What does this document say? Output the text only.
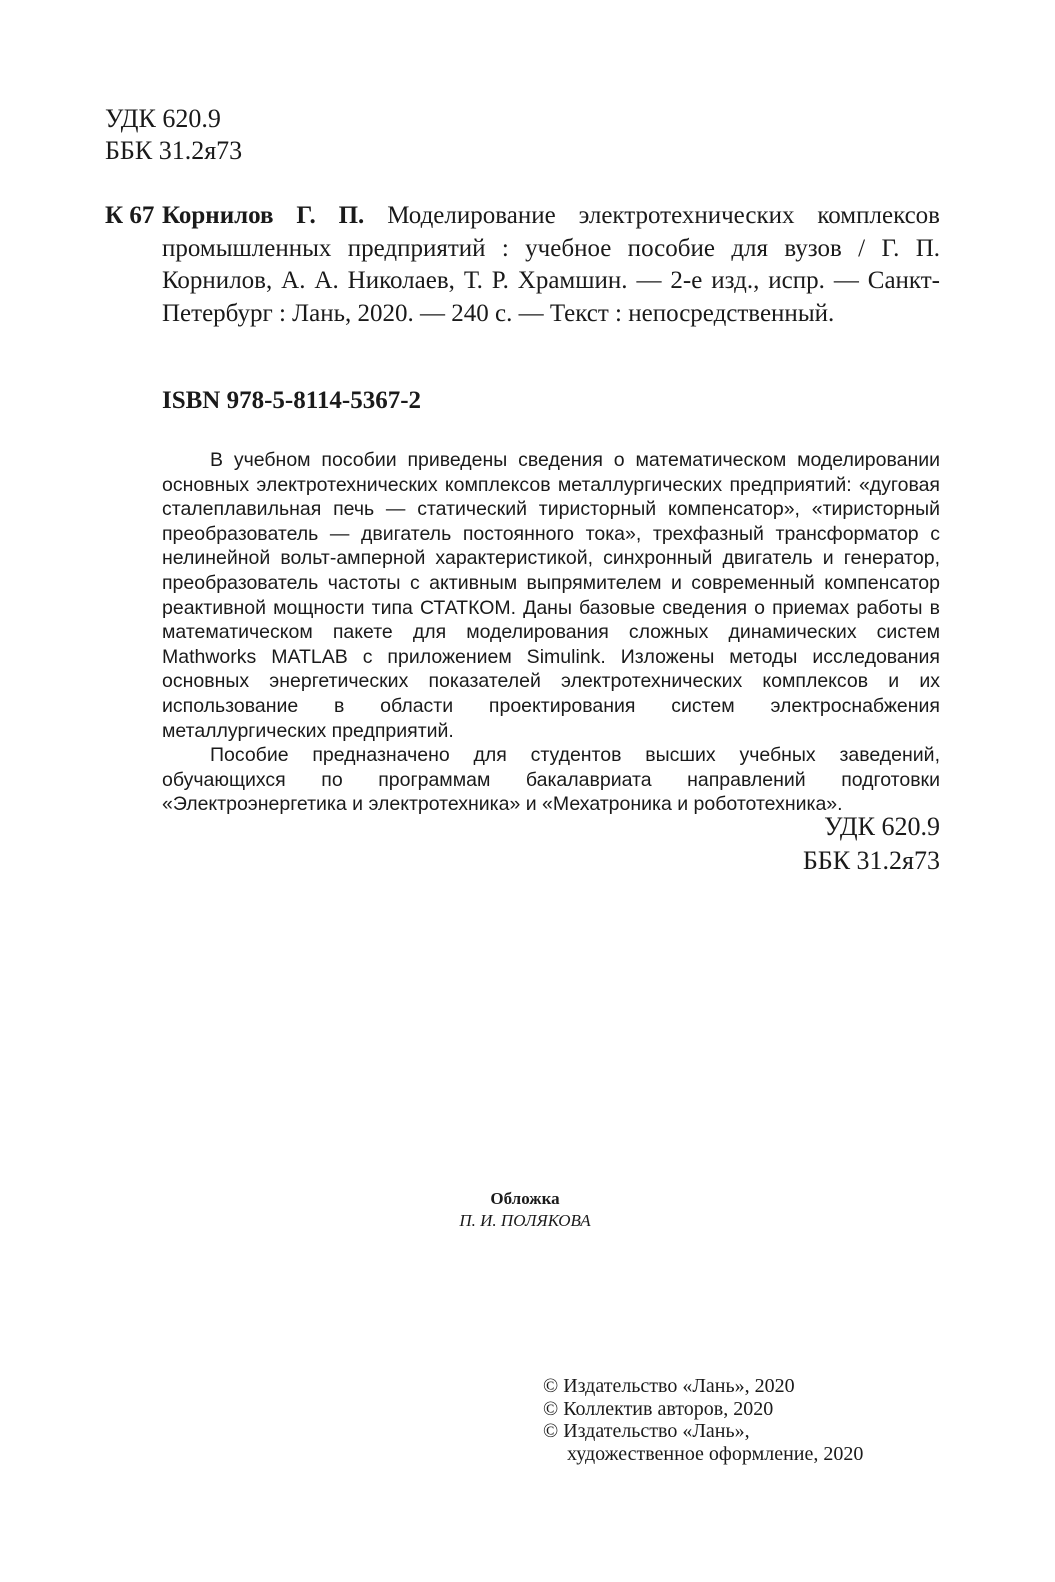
УДК 620.9
ББК 31.2я73
К 67 Корнилов Г. П. Моделирование электротехнических комплексов промышленных предприятий : учебное пособие для вузов / Г. П. Корнилов, А. А. Николаев, Т. Р. Храмшин. — 2-е изд., испр. — Санкт-Петербург : Лань, 2020. — 240 с. — Текст : непосредственный.
ISBN 978-5-8114-5367-2

В учебном пособии приведены сведения о математическом моделировании основных электротехнических комплексов металлургических предприятий: «дуговая сталеплавильная печь — статический тиристорный компенсатор», «тиристорный преобразователь — двигатель постоянного тока», трехфазный трансформатор с нелинейной вольт-амперной характеристикой, синхронный двигатель и генератор, преобразователь частоты с активным выпрямителем и современный компенсатор реактивной мощности типа СТАТКОМ. Даны базовые сведения о приемах работы в математическом пакете для моделирования сложных динамических систем Mathworks MATLAB с приложением Simulink. Изложены методы исследования основных энергетических показателей электротехнических комплексов и их использование в области проектирования систем электроснабжения металлургических предприятий.

Пособие предназначено для студентов высших учебных заведений, обучающихся по программам бакалавриата направлений подготовки «Электроэнергетика и электротехника» и «Мехатроника и робототехника».

УДК 620.9
ББК 31.2я73
Обложка
П. И. ПОЛЯКОВА
© Издательство «Лань», 2020
© Коллектив авторов, 2020
© Издательство «Лань»,
художественное оформление, 2020
